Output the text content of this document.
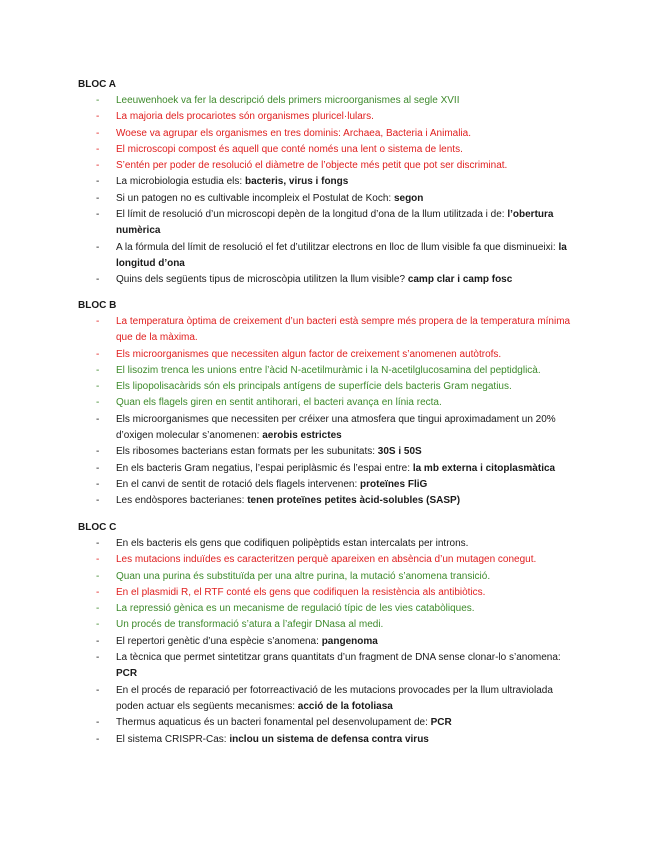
BLOC A

- Leeuwenhoek va fer la descripció dels primers microorganismes al segle XVII
- La majoria dels procariotes són organismes pluricel·lulars.
- Woese va agrupar els organismes en tres dominis: Archaea, Bacteria i Animalia.
- El microscopi compost és aquell que conté només una lent o sistema de lents.
- S’entén per poder de resolució el diàmetre de l’objecte més petit que pot ser discriminat.
- La microbiologia estudia els: bacteris, virus i fongs
- Si un patogen no es cultivable incompleix el Postulat de Koch: segon
- El límit de resolució d’un microscopi depèn de la longitud d’ona de la llum utilitzada i de: l’obertura numèrica
- A la fórmula del límit de resolució el fet d’utilitzar electrons en lloc de llum visible fa que disminueixi: la longitud d’ona
- Quins dels següents tipus de microscòpia utilitzen la llum visible? camp clar i camp fosc

BLOC B

- La temperatura òptima de creixement d’un bacteri està sempre més propera de la temperatura mínima que de la màxima.
- Els microorganismes que necessiten algun factor de creixement s’anomenen autòtrofs.
- El lisozim trenca les unions entre l’àcid N-acetilmuràmic i la N-acetilglucosamina del peptidglicà.
- Els lipopolisacàrids són els principals antígens de superfície dels bacteris Gram negatius.
- Quan els flagels giren en sentit antihorari, el bacteri avança en línia recta.
- Els microorganismes que necessiten per créixer una atmosfera que tingui aproximadament un 20% d’oxigen molecular s’anomenen: aerobis estrictes
- Els ribosomes bacterians estan formats per les subunitats: 30S i 50S
- En els bacteris Gram negatius, l’espai periplàsmic és l’espai entre: la mb externa i citoplasmàtica
- En el canvi de sentit de rotació dels flagels intervenen: proteïnes FliG
- Les endòspores bacterianes: tenen proteïnes petites àcid-solubles (SASP)

BLOC C

- En els bacteris els gens que codifiquen polipèptids estan intercalats per introns.
- Les mutacions induïdes es caracteritzen perquè apareixen en absència d’un mutagen conegut.
- Quan una purina és substituïda per una altre purina, la mutació s’anomena transició.
- En el plasmidi R, el RTF conté els gens que codifiquen la resistència als antibiòtics.
- La repressió gènica es un mecanisme de regulació típic de les vies catabòliques.
- Un procés de transformació s’atura a l’afegir DNasa al medi.
- El repertori genètic d’una espècie s’anomena: pangenoma
- La tècnica que permet sintetitzar grans quantitats d’un fragment de DNA sense clonar-lo s’anomena: PCR
- En el procés de reparació per fotorreactivació de les mutacions provocades per la llum ultraviolada poden actuar els següents mecanismes: acció de la fotoliasa
- Thermus aquaticus és un bacteri fonamental pel desenvolupament de: PCR
- El sistema CRISPR-Cas: inclou un sistema de defensa contra virus
